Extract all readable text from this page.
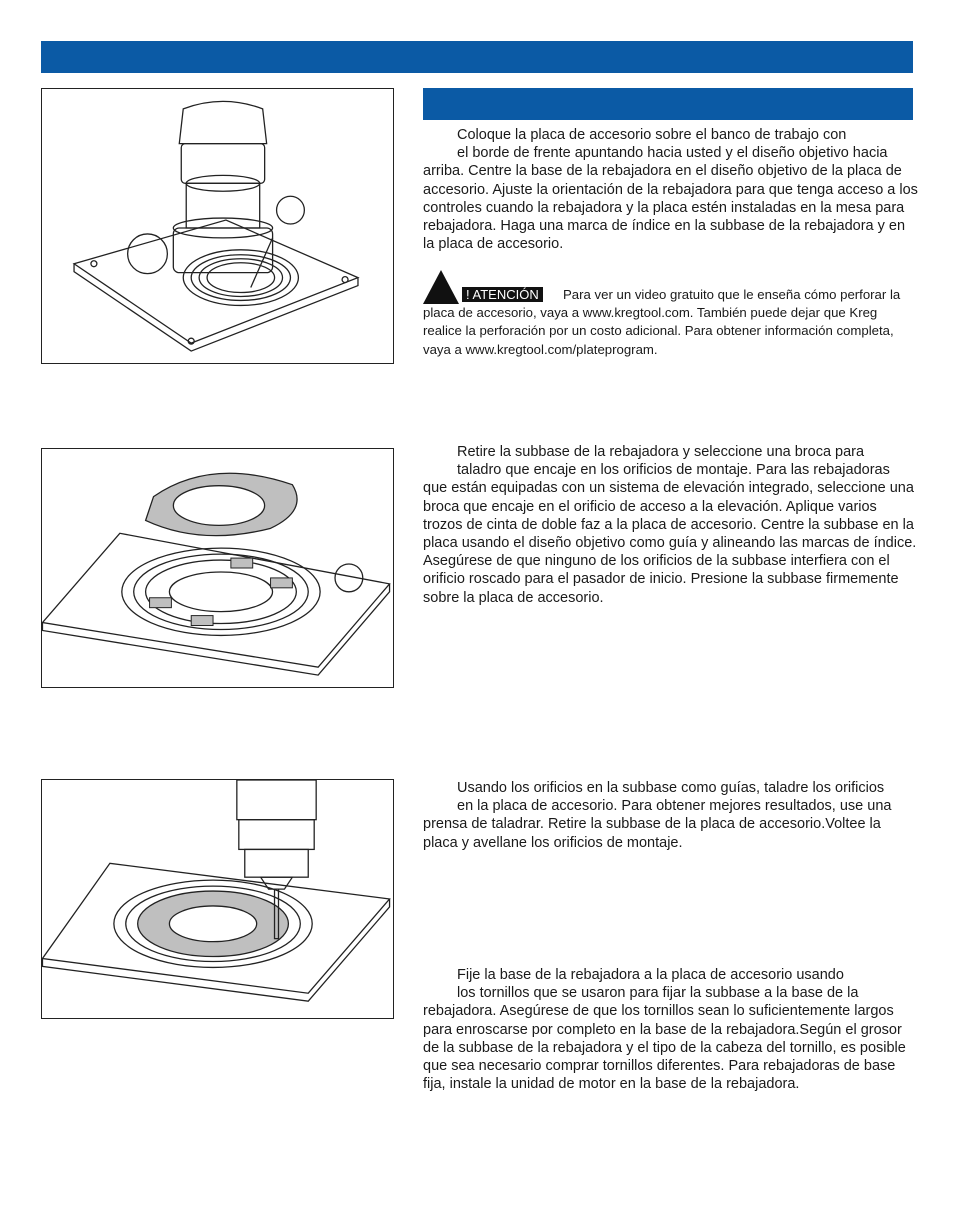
Coloque la placa de accesorio sobre el banco de trabajo con
el borde de frente apuntando hacia usted y el diseño objetivo hacia
arriba. Centre la base de la rebajadora en el diseño objetivo de la placa de accesorio. Ajuste la orientación de la rebajadora para que tenga acceso a los controles cuando la rebajadora y la placa estén instaladas en la mesa para rebajadora. Haga una marca de índice en la subbase de la rebajadora y en la placa de accesorio.
! ATENCIÓN	Para ver un video gratuito que le enseña cómo perforar la placa de accesorio, vaya a www.kregtool.com. También puede dejar que Kreg realice la perforación por un costo adicional. Para obtener información completa, vaya a www.kregtool.com/plateprogram.
Retire la subbase de la rebajadora y seleccione una broca para
taladro que encaje en los orificios de montaje. Para las rebajadoras
que están equipadas con un sistema de elevación integrado, seleccione una broca que encaje en el orificio de acceso a la elevación. Aplique varios trozos de cinta de doble faz a la placa de accesorio. Centre la subbase en la placa usando el diseño objetivo como guía y alineando las marcas de índice. Asegúrese de que ninguno de los orificios de la subbase interfiera con el orificio roscado para el pasador de inicio. Presione la subbase firmemente sobre la placa de accesorio.
Usando los orificios en la subbase como guías, taladre los orificios
en la placa de accesorio. Para obtener mejores resultados, use una
prensa de taladrar. Retire la subbase de la placa de accesorio.Voltee la placa y avellane los orificios de montaje.
Fije la base de la rebajadora a la placa de accesorio usando
los tornillos que se usaron para fijar la subbase a la base de la
rebajadora. Asegúrese de que los tornillos sean lo suficientemente largos para enroscarse por completo en la base de la rebajadora.Según el grosor de la subbase de la rebajadora y el tipo de la cabeza del tornillo, es posible que sea necesario comprar tornillos diferentes. Para rebajadoras de base fija, instale la unidad de motor en la base de la rebajadora.
